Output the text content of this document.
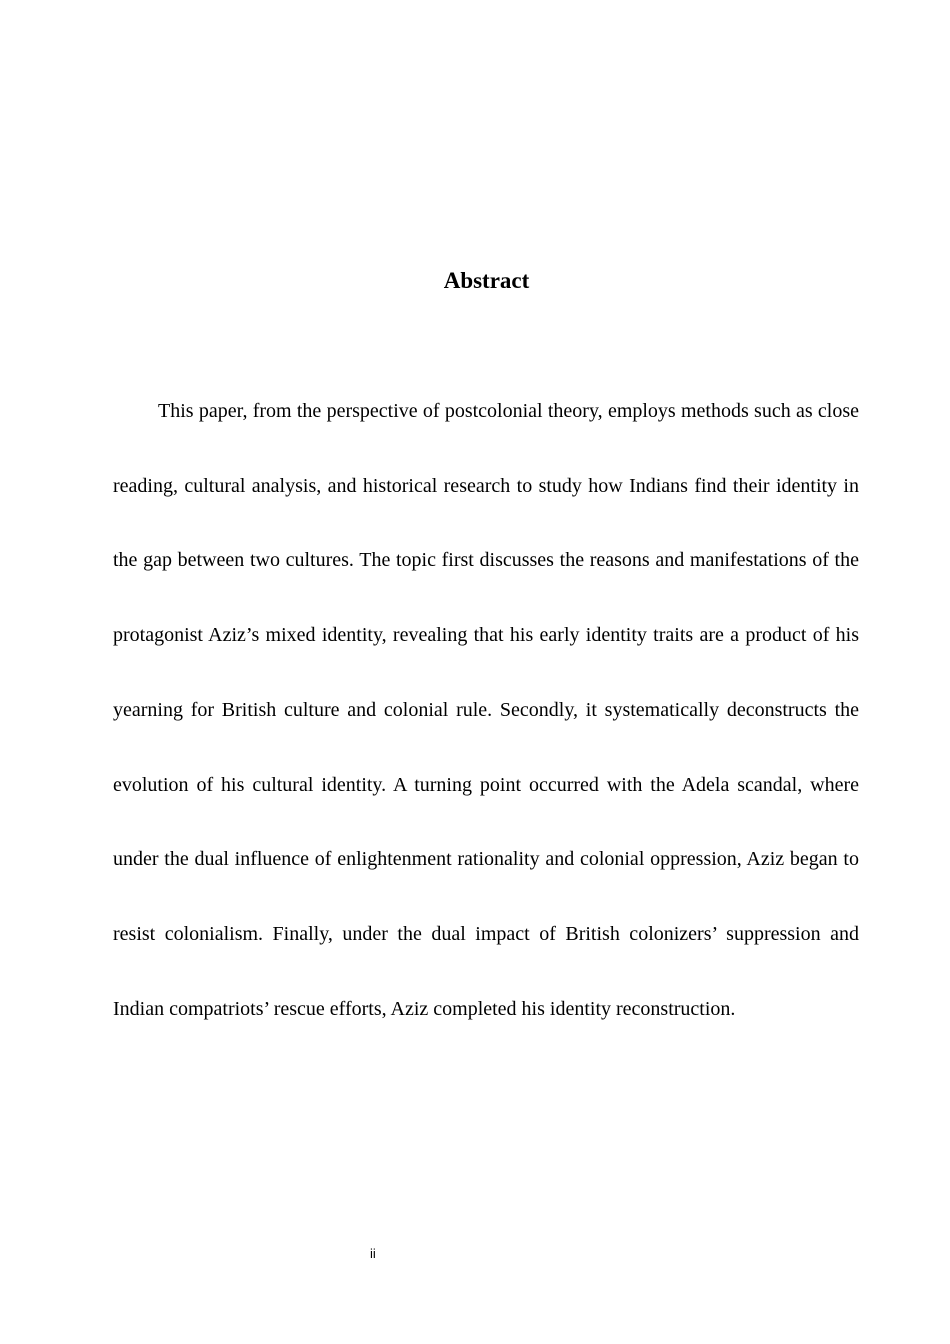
Abstract

This paper, from the perspective of postcolonial theory, employs methods such as close reading, cultural analysis, and historical research to study how Indians find their identity in the gap between two cultures. The topic first discusses the reasons and manifestations of the protagonist Aziz’s mixed identity, revealing that his early identity traits are a product of his yearning for British culture and colonial rule. Secondly, it systematically deconstructs the evolution of his cultural identity. A turning point occurred with the Adela scandal, where under the dual influence of enlightenment rationality and colonial oppression, Aziz began to resist colonialism. Finally, under the dual impact of British colonizers’ suppression and Indian compatriots’ rescue efforts, Aziz completed his identity reconstruction.

ii
